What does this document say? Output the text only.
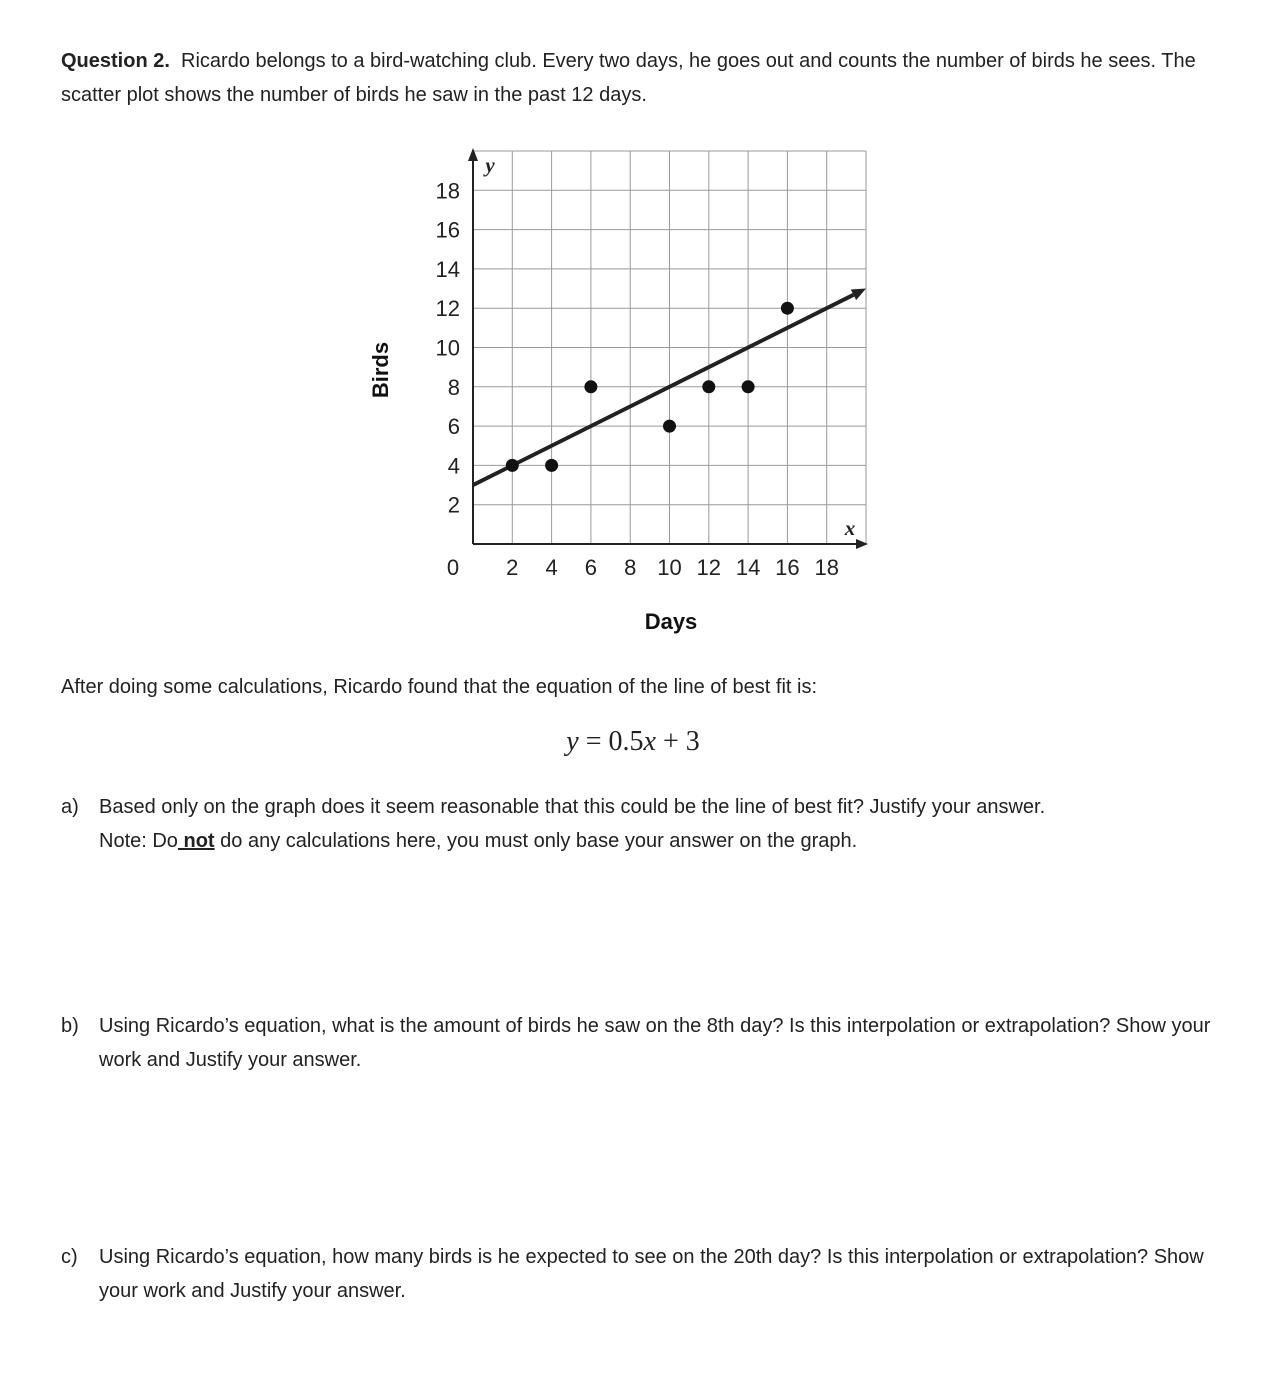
Question 2. Ricardo belongs to a bird-watching club. Every two days, he goes out and counts the number of birds he sees. The scatter plot shows the number of birds he saw in the past 12 days.
2 4 6 8 10 12 14 16 18
2
4
6
8
10
12
14
16
18
Days
Birds
x
y
0
After doing some calculations, Ricardo found that the equation of the line of best fit is:
y = 0.5x + 3
a) Based only on the graph does it seem reasonable that this could be the line of best fit? Justify your answer.
Note: Do not do any calculations here, you must only base your answer on the graph.
b) Using Ricardo’s equation, what is the amount of birds he saw on the 8th day? Is this interpolation or extrapolation? Show your work and Justify your answer.
c) Using Ricardo’s equation, how many birds is he expected to see on the 20th day? Is this interpolation or extrapolation? Show your work and Justify your answer.
